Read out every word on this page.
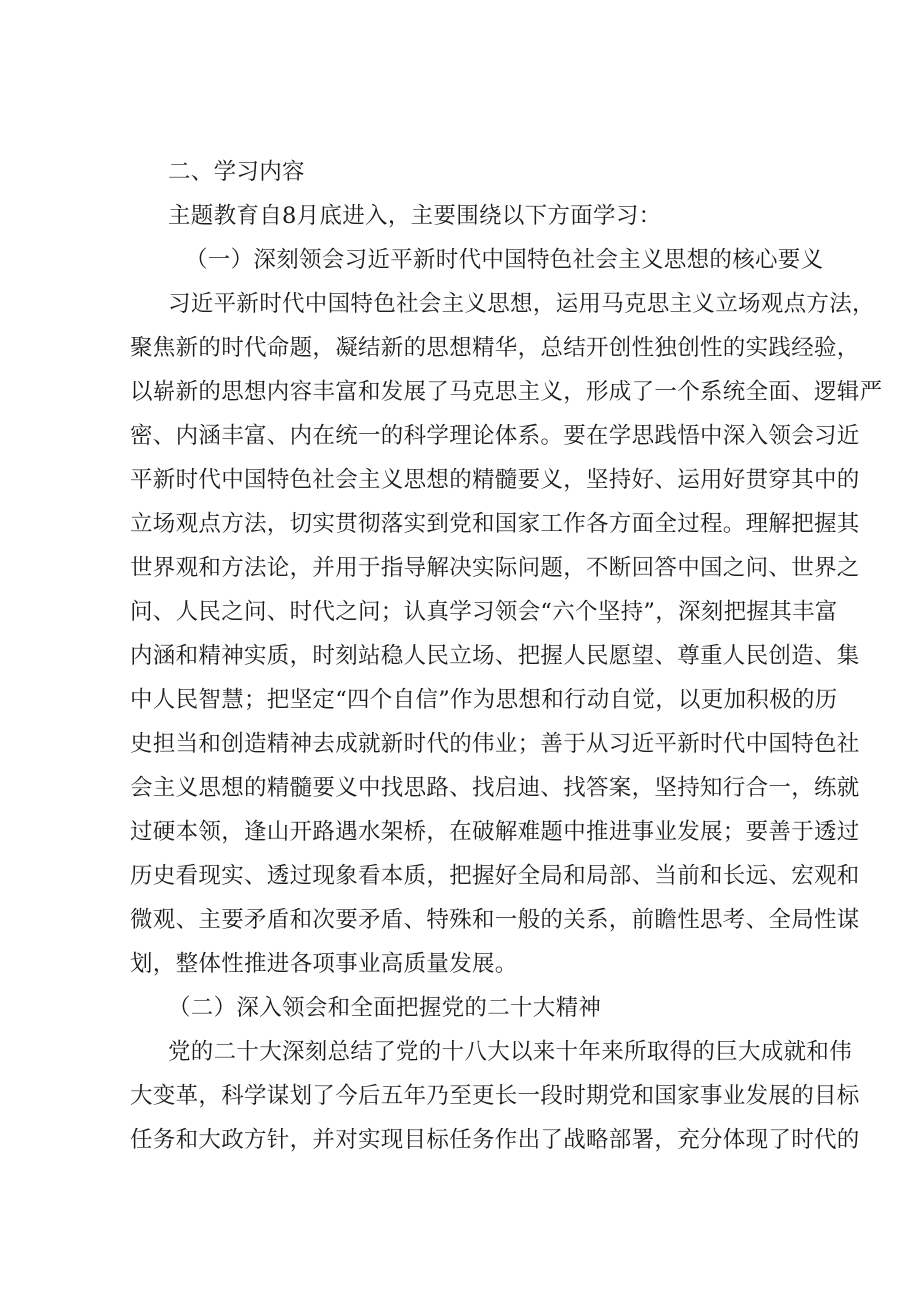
二、学习内容
主题教育自8月底进入，主要围绕以下方面学习：
（一）深刻领会习近平新时代中国特色社会主义思想的核心要义
习近平新时代中国特色社会主义思想，运用马克思主义立场观点方法，
聚焦新的时代命题，凝结新的思想精华，总结开创性独创性的实践经验，
以崭新的思想内容丰富和发展了马克思主义，形成了一个系统全面、逻辑严
密、内涵丰富、内在统一的科学理论体系。要在学思践悟中深入领会习近
平新时代中国特色社会主义思想的精髓要义，坚持好、运用好贯穿其中的
立场观点方法，切实贯彻落实到党和国家工作各方面全过程。理解把握其
世界观和方法论，并用于指导解决实际问题，不断回答中国之问、世界之
问、人民之问、时代之问；认真学习领会“六个坚持”，深刻把握其丰富
内涵和精神实质，时刻站稳人民立场、把握人民愿望、尊重人民创造、集
中人民智慧；把坚定“四个自信”作为思想和行动自觉，以更加积极的历
史担当和创造精神去成就新时代的伟业；善于从习近平新时代中国特色社
会主义思想的精髓要义中找思路、找启迪、找答案，坚持知行合一，练就
过硬本领，逢山开路遇水架桥，在破解难题中推进事业发展；要善于透过
历史看现实、透过现象看本质，把握好全局和局部、当前和长远、宏观和
微观、主要矛盾和次要矛盾、特殊和一般的关系，前瞻性思考、全局性谋
划，整体性推进各项事业高质量发展。
（二）深入领会和全面把握党的二十大精神
党的二十大深刻总结了党的十八大以来十年来所取得的巨大成就和伟
大变革，科学谋划了今后五年乃至更长一段时期党和国家事业发展的目标
任务和大政方针，并对实现目标任务作出了战略部署，充分体现了时代的
